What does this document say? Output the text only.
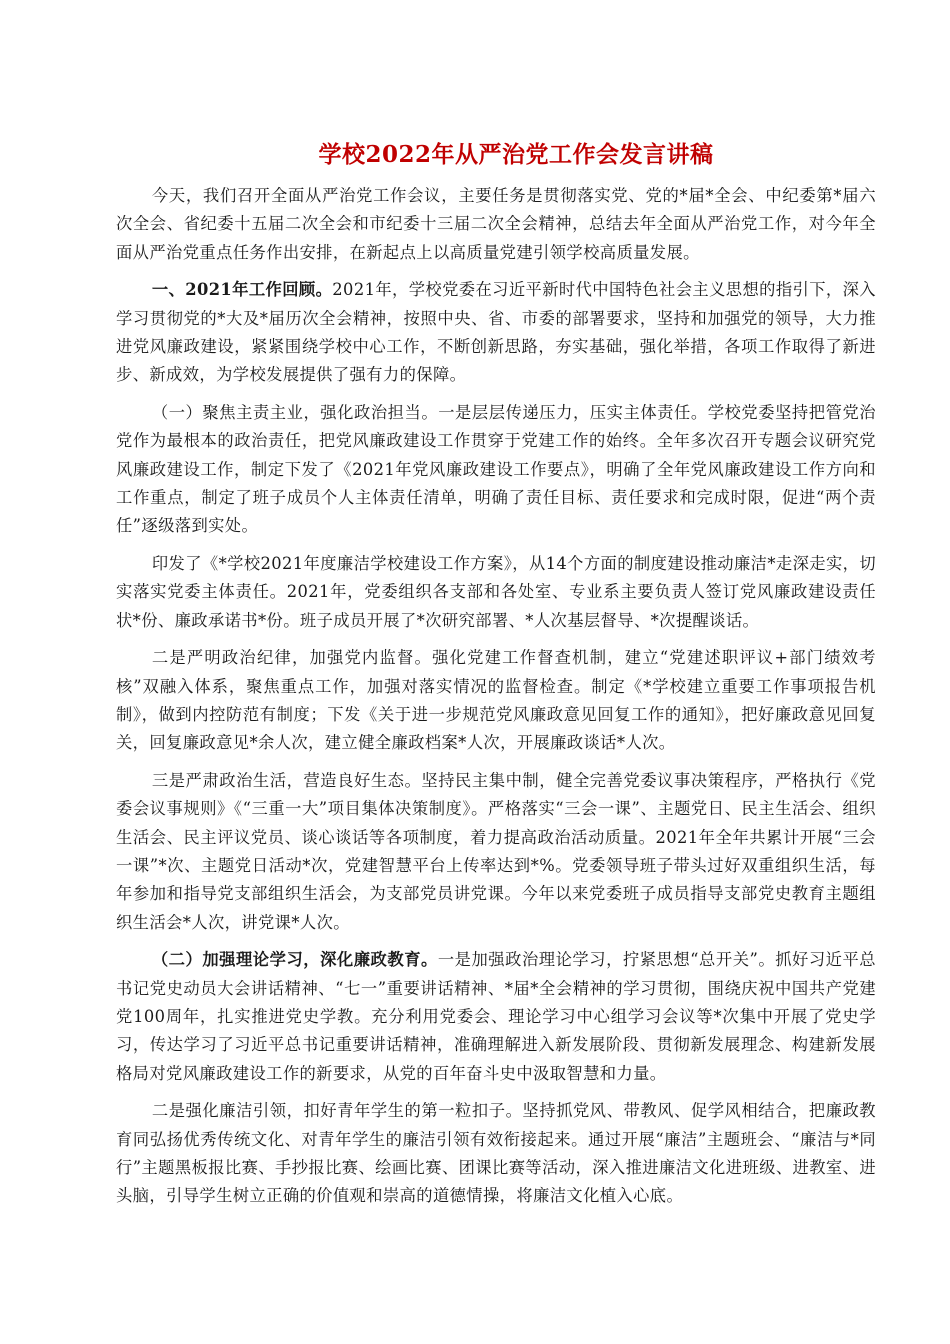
学校2022年从严治党工作会发言讲稿

今天，我们召开全面从严治党工作会议，主要任务是贯彻落实党、党的*届*全会、中纪委第*届六次全会、省纪委十五届二次全会和市纪委十三届二次全会精神，总结去年全面从严治党工作，对今年全面从严治党重点任务作出安排，在新起点上以高质量党建引领学校高质量发展。

一、2021年工作回顾。2021年，学校党委在习近平新时代中国特色社会主义思想的指引下，深入学习贯彻党的*大及*届历次全会精神，按照中央、省、市委的部署要求，坚持和加强党的领导，大力推进党风廉政建设，紧紧围绕学校中心工作，不断创新思路，夯实基础，强化举措，各项工作取得了新进步、新成效，为学校发展提供了强有力的保障。

（一）聚焦主责主业，强化政治担当。一是层层传递压力，压实主体责任。学校党委坚持把管党治党作为最根本的政治责任，把党风廉政建设工作贯穿于党建工作的始终。全年多次召开专题会议研究党风廉政建设工作，制定下发了《2021年党风廉政建设工作要点》，明确了全年党风廉政建设工作方向和工作重点，制定了班子成员个人主体责任清单，明确了责任目标、责任要求和完成时限，促进“两个责任”逐级落到实处。

印发了《*学校2021年度廉洁学校建设工作方案》，从14个方面的制度建设推动廉洁*走深走实，切实落实党委主体责任。2021年，党委组织各支部和各处室、专业系主要负责人签订党风廉政建设责任状*份、廉政承诺书*份。班子成员开展了*次研究部署、*人次基层督导、*次提醒谈话。

二是严明政治纪律，加强党内监督。强化党建工作督查机制，建立“党建述职评议+部门绩效考核”双融入体系，聚焦重点工作，加强对落实情况的监督检查。制定《*学校建立重要工作事项报告机制》，做到内控防范有制度；下发《关于进一步规范党风廉政意见回复工作的通知》，把好廉政意见回复关，回复廉政意见*余人次，建立健全廉政档案*人次，开展廉政谈话*人次。

三是严肃政治生活，营造良好生态。坚持民主集中制，健全完善党委议事决策程序，严格执行《党委会议事规则》《“三重一大”项目集体决策制度》。严格落实“三会一课”、主题党日、民主生活会、组织生活会、民主评议党员、谈心谈话等各项制度，着力提高政治活动质量。2021年全年共累计开展“三会一课”*次、主题党日活动*次，党建智慧平台上传率达到*%。党委领导班子带头过好双重组织生活，每年参加和指导党支部组织生活会，为支部党员讲党课。今年以来党委班子成员指导支部党史教育主题组织生活会*人次，讲党课*人次。

（二）加强理论学习，深化廉政教育。一是加强政治理论学习，拧紧思想“总开关”。抓好习近平总书记党史动员大会讲话精神、“七一”重要讲话精神、*届*全会精神的学习贯彻，围绕庆祝中国共产党建党100周年，扎实推进党史学教。充分利用党委会、理论学习中心组学习会议等*次集中开展了党史学习，传达学习了习近平总书记重要讲话精神，准确理解进入新发展阶段、贯彻新发展理念、构建新发展格局对党风廉政建设工作的新要求，从党的百年奋斗史中汲取智慧和力量。

二是强化廉洁引领，扣好青年学生的第一粒扣子。坚持抓党风、带教风、促学风相结合，把廉政教育同弘扬优秀传统文化、对青年学生的廉洁引领有效衔接起来。通过开展“廉洁”主题班会、“廉洁与*同行”主题黑板报比赛、手抄报比赛、绘画比赛、团课比赛等活动，深入推进廉洁文化进班级、进教室、进头脑，引导学生树立正确的价值观和崇高的道德情操，将廉洁文化植入心底。
